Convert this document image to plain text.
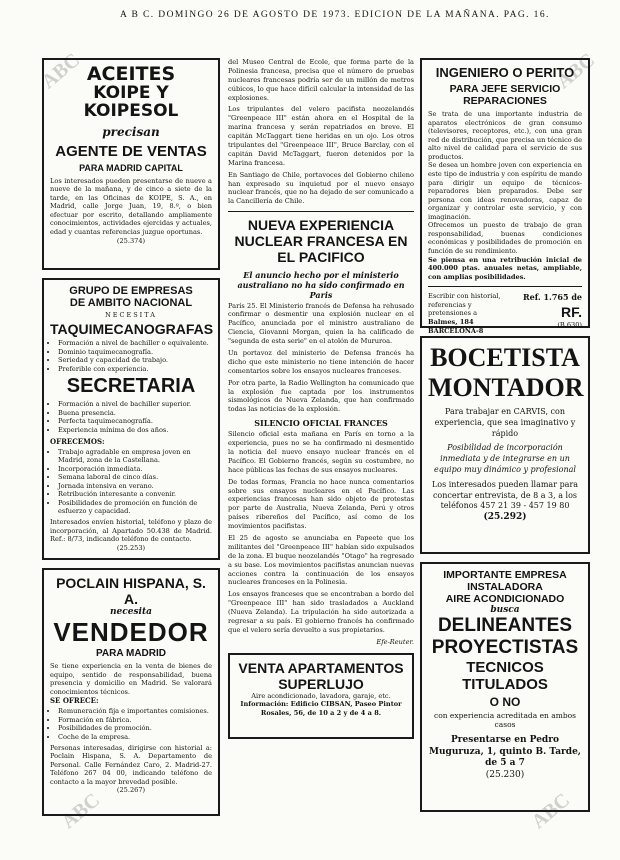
ABC
ABC
ABC
ABC
A B C. DOMINGO 26 DE AGOSTO DE 1973. EDICION DE LA MAÑANA. PAG. 16.
ACEITES
KOIPE Y KOIPESOL
precisan
AGENTE DE VENTAS
PARA MADRID CAPITAL
Los interesados pueden presentarse de nueve a nueve de la mañana, y de cinco a siete de la tarde, en las Oficinas de KOIPE, S. A., en Madrid, calle Jorge Juan, 19, 8.º, o bien efectuar por escrito, detallando ampliamente conocimientos, actividades ejercidas y actuales, edad y cuantas referencias juzgue oportunas.
(25.374)
GRUPO DE EMPRESAS
DE AMBITO NACIONAL
NECESITA
TAQUIMECANOGRAFAS
• Formación a nivel de bachiller o equivalente.
• Dominio taquimecanografía.
• Seriedad y capacidad de trabajo.
• Preferible con experiencia.
SECRETARIA
• Formación a nivel de bachiller superior.
• Buena presencia.
• Perfecta taquimecanografía.
• Experiencia mínima de dos años.
OFRECEMOS:
• Trabajo agradable en empresa joven en Madrid, zona de la Castellana.
• Incorporación inmediata.
• Semana laboral de cinco días.
• Jornada intensiva en verano.
• Retribución interesante a convenir.
• Posibilidades de promoción en función de esfuerzo y capacidad.
Interesados envíen historial, teléfono y plazo de incorporación, al Apartado 50.438 de Madrid. Ref.: 8/73, indicando teléfono de contacto.
(25.253)
POCLAIN HISPANA, S. A.
necesita
VENDEDOR
PARA MADRID
Se tiene experiencia en la venta de bienes de equipo, sentido de responsabilidad, buena presencia y domicilio en Madrid. Se valorará conocimientos técnicos.
SE OFRECE:
• Remuneración fija e importantes comisiones.
• Formación en fábrica.
• Posibilidades de promoción.
• Coche de la empresa.
Personas interesadas, dirigirse con historial a: Poclain Hispana, S. A. Departamento de Personal. Calle Fernández Caro, 2. Madrid-27. Teléfono 267 04 00, indicando teléfono de contacto a la mayor brevedad posible.
(25.267)

del Museo Central de Ecole, que forma parte de la Polinesia francesa, precisa que el número de pruebas nucleares francesas podría ser de un millón de metros cúbicos, lo que hace difícil calcular la intensidad de las explosiones.

Los tripulantes del velero pacifista neozelandés "Greenpeace III" están ahora en el Hospital de la marina francesa y serán repatriados en breve. El capitán McTaggart tiene heridas en un ojo. Los otros tripulantes del "Greenpeace III", Bruce Barclay, con el capitán David McTaggart, fueron detenidos por la Marina francesa.

En Santiago de Chile, portavoces del Gobierno chileno han expresado su inquietud por el nuevo ensayo nuclear francés, que no ha dejado de ser comunicado a la Cancillería de Chile.

NUEVA EXPERIENCIA NUCLEAR FRANCESA EN EL PACIFICO
El anuncio hecho por el ministerio australiano no ha sido confirmado en Paris

París 25. El Ministerio francés de Defensa ha rehusado confirmar o desmentir una explosión nuclear en el Pacífico, anunciada por el ministro australiano de Ciencia, Giovanni Morgan, quien la ha calificado de "segunda de esta serie" en el atolón de Mururoa.

Un portavoz del ministerio de Defensa francés ha dicho que este ministerio no tiene intención de hacer comentarios sobre los ensayos nucleares franceses.

Por otra parte, la Radio Wellington ha comunicado que la explosión fue captada por los instrumentos sismológicos de Nueva Zelanda, que han confirmado todas las noticias de la explosión.

SILENCIO OFICIAL FRANCES

Silencio oficial esta mañana en París en torno a la experiencia, pues no se ha confirmado ni desmentido la noticia del nuevo ensayo nuclear francés en el Pacífico. El Gobierno francés, según su costumbre, no hace públicas las fechas de sus ensayos nucleares.

De todas formas, Francia no hace nunca comentarios sobre sus ensayos nucleares en el Pacífico. Las experiencias francesas han sido objeto de protestas por parte de Australia, Nueva Zelanda, Perú y otros países ribereños del Pacífico, así como de los movimientos pacifistas.

El 25 de agosto se anunciaba en Papeete que los militantes del "Greenpeace III" habían sido expulsados de la zona. El buque neozelandés "Otago" ha regresado a su base. Los movimientos pacifistas anuncian nuevas acciones contra la continuación de los ensayos nucleares franceses en la Polinesia.

Los ensayos franceses que se encontraban a bordo del "Greenpeace III" han sido trasladados a Auckland (Nueva Zelanda). La tripulación ha sido autorizada a regresar a su país. El gobierno francés ha confirmado que el velero sería devuelto a sus propietarios.

Efe-Reuter.

VENTA APARTAMENTOS
SUPERLUJO
Aire acondicionado, lavadora, garaje, etc.
Información: Edificio CIBSAN, Paseo Pintor Rosales, 56, de 10 a 2 y de 4 a 8.
INGENIERO O PERITO
PARA JEFE SERVICIO REPARACIONES
Se trata de una importante industria de aparatos electrónicos de gran consumo (televisores, receptores, etc.), con una gran red de distribución, que precisa un técnico de alto nivel de calidad para el servicio de sus productos.
Se desea un hombre joven con experiencia en este tipo de industria y con espíritu de mando para dirigir un equipo de técnicos-reparadores bien preparados. Debe ser persona con ideas renovadoras, capaz de organizar y controlar este servicio, y con imaginación.
Ofrecemos un puesto de trabajo de gran responsabilidad, buenas condiciones económicas y posibilidades de promoción en función de su rendimiento.
Se piensa en una retribución inicial de 400.000 ptas. anuales netas, ampliable, con amplias posibilidades.
Escribir con historial, referencias y pretensiones a
Balmes, 184
BARCELONA-8
Ref. 1.765 de
RF.
(B.630)
BOCETISTA
MONTADOR
Para trabajar en CARVIS, con experiencia, que sea imaginativo y rápido
Posibilidad de incorporación inmediata y de integrarse en un equipo muy dinámico y profesional
Los interesados pueden llamar para concertar entrevista, de 8 a 3, a los teléfonos 457 21 39 - 457 19 80
(25.292)
IMPORTANTE EMPRESA
INSTALADORA
AIRE ACONDICIONADO
busca
DELINEANTES
PROYECTISTAS
TECNICOS TITULADOS
O NO
con experiencia acreditada en ambos casos
Presentarse en Pedro Muguruza, 1, quinto B. Tarde, de 5 a 7
(25.230)
